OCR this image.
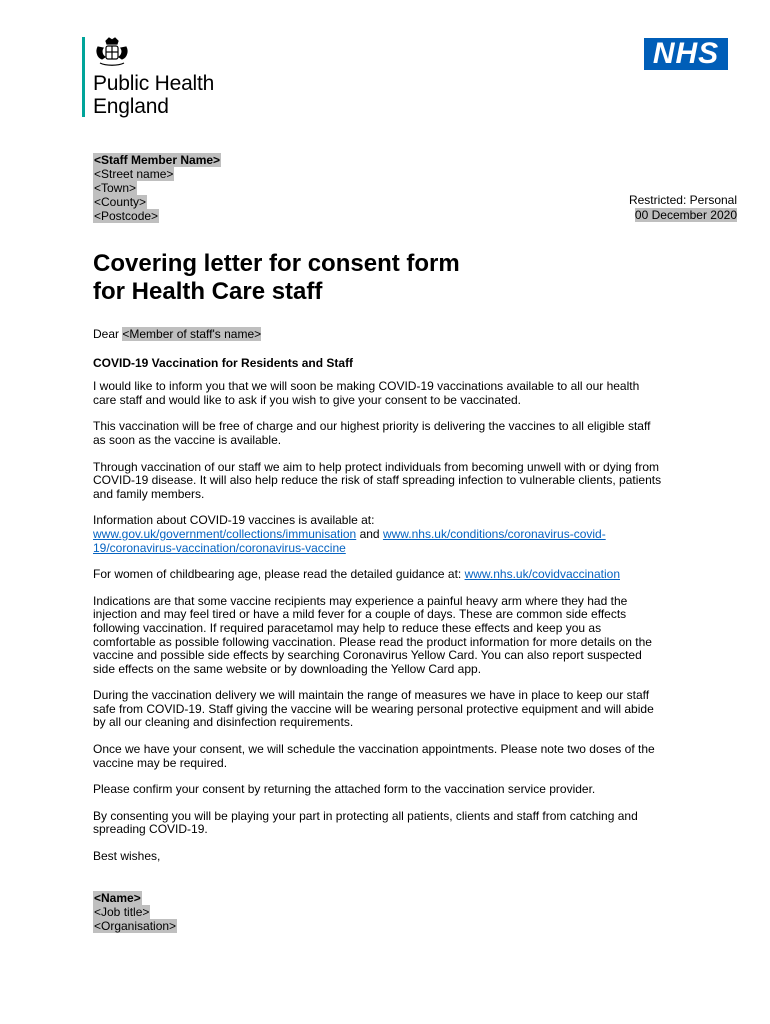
Public Health
England
NHS
<Staff Member Name>
<Street name>
<Town>
<County>
<Postcode>
Restricted: Personal
00 December 2020
Covering letter for consent form
for Health Care staff

Dear <Member of staff's name>

COVID-19 Vaccination for Residents and Staff

I would like to inform you that we will soon be making COVID-19 vaccinations available to all our health care staff and would like to ask if you wish to give your consent to be vaccinated.

This vaccination will be free of charge and our highest priority is delivering the vaccines to all eligible staff as soon as the vaccine is available.

Through vaccination of our staff we aim to help protect individuals from becoming unwell with or dying from COVID-19 disease. It will also help reduce the risk of staff spreading infection to vulnerable clients, patients and family members.

Information about COVID-19 vaccines is available at:
www.gov.uk/government/collections/immunisation and www.nhs.uk/conditions/coronavirus-covid-19/coronavirus-vaccination/coronavirus-vaccine

For women of childbearing age, please read the detailed guidance at: www.nhs.uk/covidvaccination

Indications are that some vaccine recipients may experience a painful heavy arm where they had the injection and may feel tired or have a mild fever for a couple of days. These are common side effects following vaccination. If required paracetamol may help to reduce these effects and keep you as comfortable as possible following vaccination. Please read the product information for more details on the vaccine and possible side effects by searching Coronavirus Yellow Card. You can also report suspected side effects on the same website or by downloading the Yellow Card app.

During the vaccination delivery we will maintain the range of measures we have in place to keep our staff safe from COVID-19. Staff giving the vaccine will be wearing personal protective equipment and will abide by all our cleaning and disinfection requirements.

Once we have your consent, we will schedule the vaccination appointments. Please note two doses of the vaccine may be required.

Please confirm your consent by returning the attached form to the vaccination service provider.

By consenting you will be playing your part in protecting all patients, clients and staff from catching and spreading COVID-19.

Best wishes,

<Name>
<Job title>
<Organisation>
